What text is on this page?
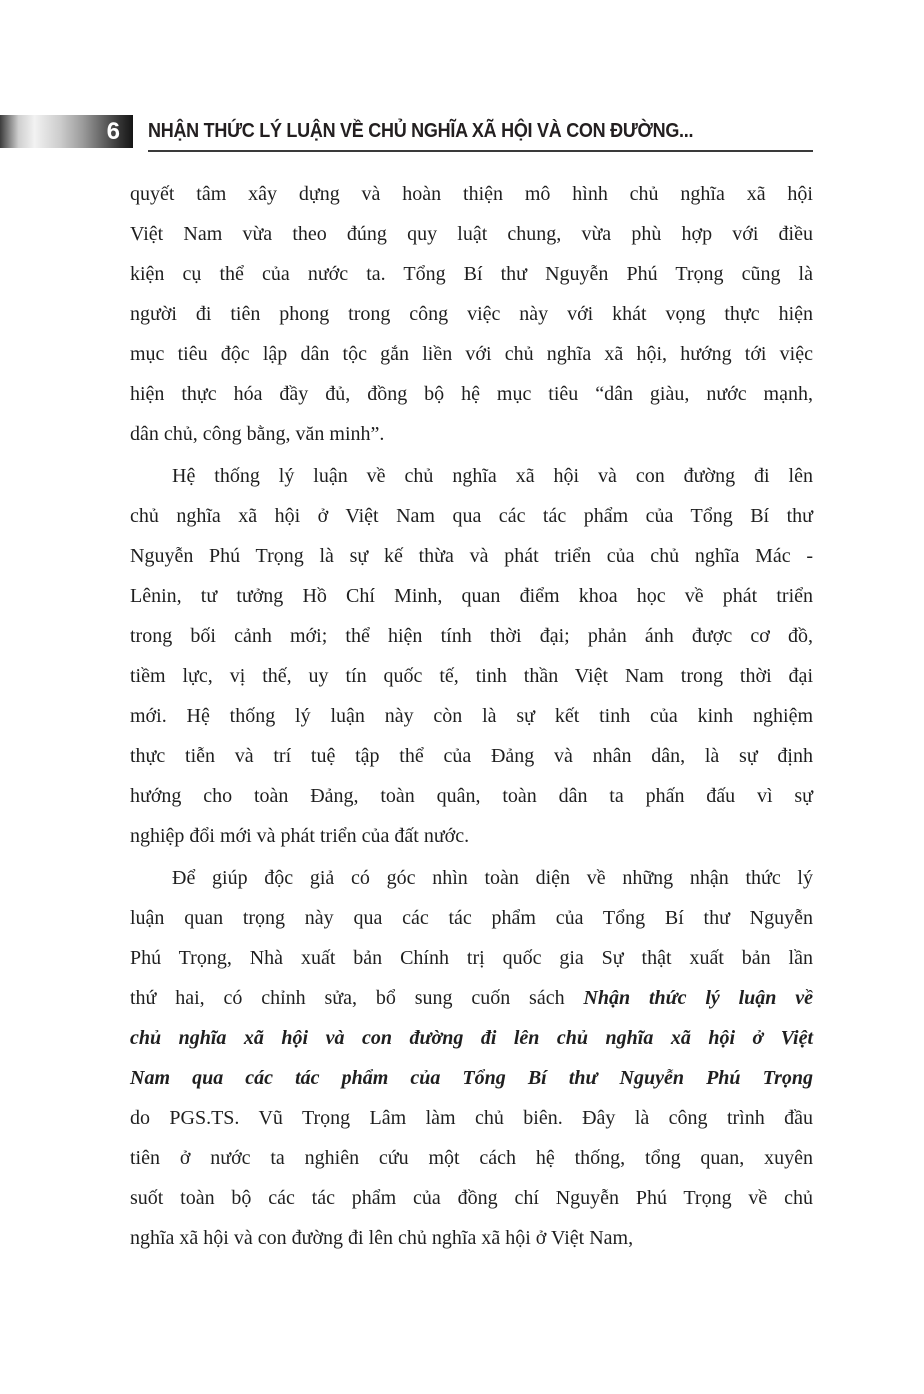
6 NHẬN THỨC LÝ LUẬN VỀ CHỦ NGHĨA XÃ HỘI VÀ CON ĐƯỜNG...
quyết tâm xây dựng và hoàn thiện mô hình chủ nghĩa xã hội
Việt Nam vừa theo đúng quy luật chung, vừa phù hợp với điều
kiện cụ thể của nước ta. Tổng Bí thư Nguyễn Phú Trọng cũng là
người đi tiên phong trong công việc này với khát vọng thực hiện
mục tiêu độc lập dân tộc gắn liền với chủ nghĩa xã hội, hướng tới việc
hiện thực hóa đầy đủ, đồng bộ hệ mục tiêu “dân giàu, nước mạnh,
dân chủ, công bằng, văn minh”.
Hệ thống lý luận về chủ nghĩa xã hội và con đường đi lên
chủ nghĩa xã hội ở Việt Nam qua các tác phẩm của Tổng Bí thư
Nguyễn Phú Trọng là sự kế thừa và phát triển của chủ nghĩa Mác -
Lênin, tư tưởng Hồ Chí Minh, quan điểm khoa học về phát triển
trong bối cảnh mới; thể hiện tính thời đại; phản ánh được cơ đồ,
tiềm lực, vị thế, uy tín quốc tế, tinh thần Việt Nam trong thời đại
mới. Hệ thống lý luận này còn là sự kết tinh của kinh nghiệm
thực tiễn và trí tuệ tập thể của Đảng và nhân dân, là sự định
hướng cho toàn Đảng, toàn quân, toàn dân ta phấn đấu vì sự
nghiệp đổi mới và phát triển của đất nước.
Để giúp độc giả có góc nhìn toàn diện về những nhận thức lý
luận quan trọng này qua các tác phẩm của Tổng Bí thư Nguyễn
Phú Trọng, Nhà xuất bản Chính trị quốc gia Sự thật xuất bản lần
thứ hai, có chỉnh sửa, bổ sung cuốn sách Nhận thức lý luận về
chủ nghĩa xã hội và con đường đi lên chủ nghĩa xã hội ở Việt
Nam qua các tác phẩm của Tổng Bí thư Nguyễn Phú Trọng
do PGS.TS. Vũ Trọng Lâm làm chủ biên. Đây là công trình đầu
tiên ở nước ta nghiên cứu một cách hệ thống, tổng quan, xuyên
suốt toàn bộ các tác phẩm của đồng chí Nguyễn Phú Trọng về chủ
nghĩa xã hội và con đường đi lên chủ nghĩa xã hội ở Việt Nam,
